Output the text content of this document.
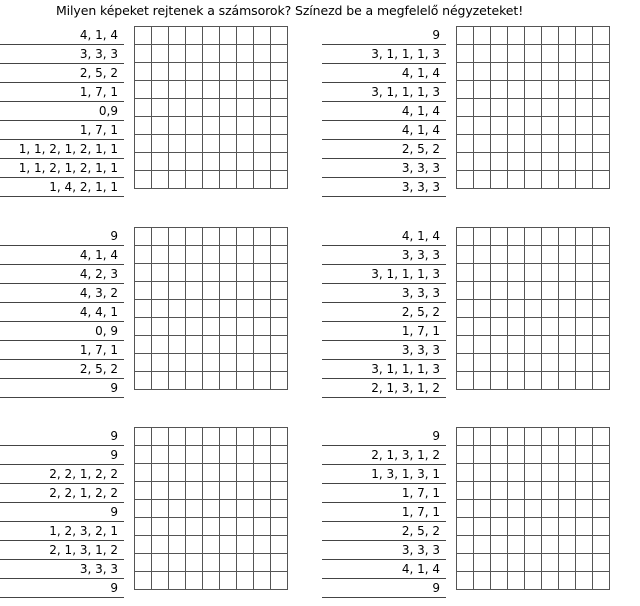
Milyen képeket rejtenek a számsorok? Színezd be a megfelelő négyzeteket!
4, 1, 4
3, 3, 3
2, 5, 2
1, 7, 1
0,9
1, 7, 1
1, 1, 2, 1, 2, 1, 1
1, 1, 2, 1, 2, 1, 1
1, 4, 2, 1, 1

9
3, 1, 1, 1, 3
4, 1, 4
3, 1, 1, 1, 3
4, 1, 4
4, 1, 4
2, 5, 2
3, 3, 3
3, 3, 3

9
4, 1, 4
4, 2, 3
4, 3, 2
4, 4, 1
0, 9
1, 7, 1
2, 5, 2
9

4, 1, 4
3, 3, 3
3, 1, 1, 1, 3
3, 3, 3
2, 5, 2
1, 7, 1
3, 3, 3
3, 1, 1, 1, 3
2, 1, 3, 1, 2

9
9
2, 2, 1, 2, 2
2, 2, 1, 2, 2
9
1, 2, 3, 2, 1
2, 1, 3, 1, 2
3, 3, 3
9

9
2, 1, 3, 1, 2
1, 3, 1, 3, 1
1, 7, 1
1, 7, 1
2, 5, 2
3, 3, 3
4, 1, 4
9
